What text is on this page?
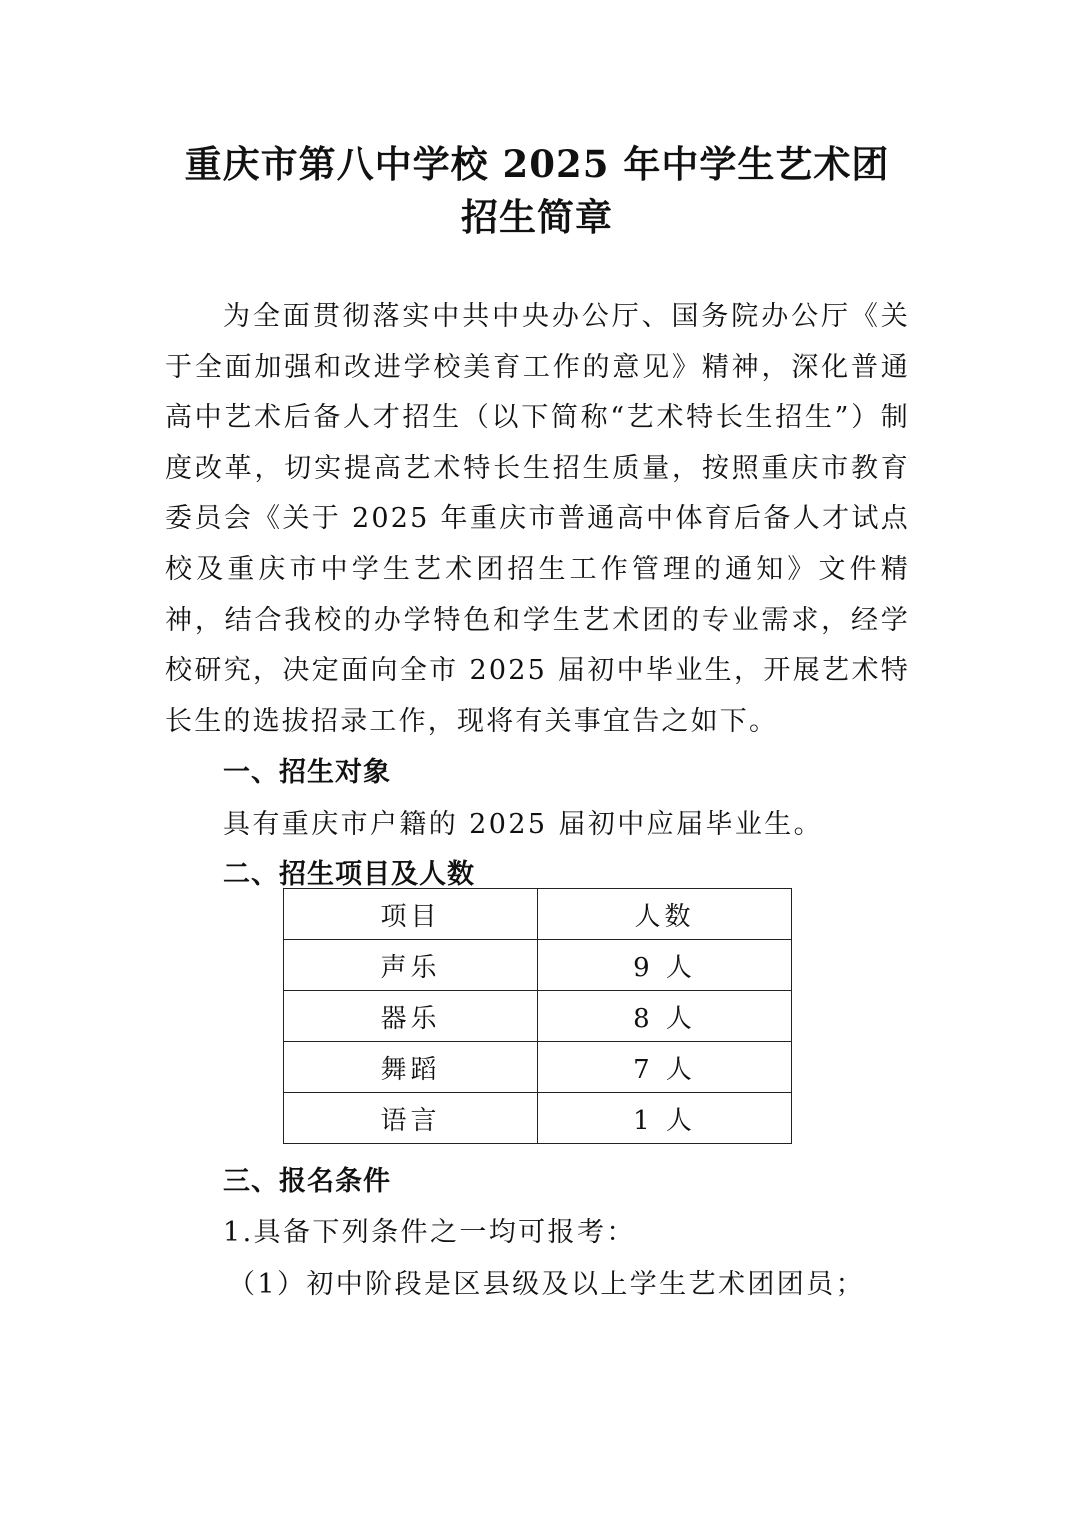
重庆市第八中学校 2025 年中学生艺术团
招生简章

为全面贯彻落实中共中央办公厅、国务院办公厅《关于全面加强和改进学校美育工作的意见》精神，深化普通高中艺术后备人才招生（以下简称“艺术特长生招生”）制度改革，切实提高艺术特长生招生质量，按照重庆市教育委员会《关于 2025 年重庆市普通高中体育后备人才试点校及重庆市中学生艺术团招生工作管理的通知》文件精神，结合我校的办学特色和学生艺术团的专业需求，经学校研究，决定面向全市 2025 届初中毕业生，开展艺术特长生的选拔招录工作，现将有关事宜告之如下。

一、招生对象
具有重庆市户籍的 2025 届初中应届毕业生。
二、招生项目及人数
项目	人数
声乐	9 人
器乐	8 人
舞蹈	7 人
语言	1 人
三、报名条件
1.具备下列条件之一均可报考：
（1）初中阶段是区县级及以上学生艺术团团员；
